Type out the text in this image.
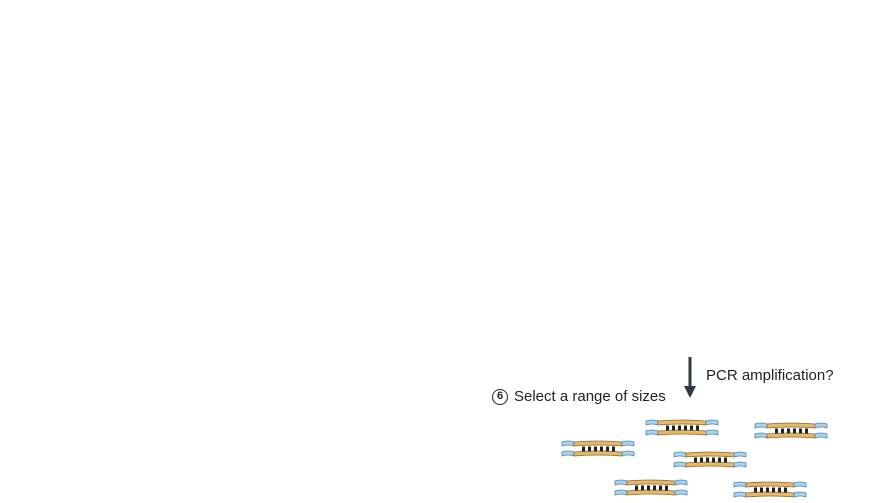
6 Select a range of sizes
PCR amplification?
